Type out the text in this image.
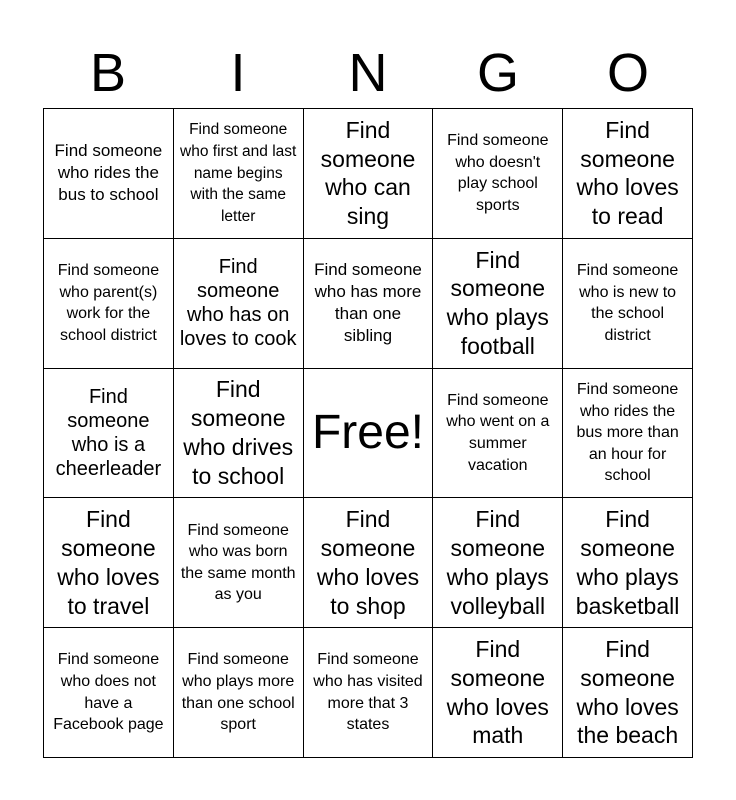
B	I	N	G	O
Find someone who rides the bus to school
Find someone who first and last name begins with the same letter
Find someone who can sing
Find someone who doesn't play school sports
Find someone who loves to read
Find someone who parent(s) work for the school district
Find someone who has on loves to cook
Find someone who has more than one sibling
Find someone who plays football
Find someone who is new to the school district
Find someone who is a cheerleader
Find someone who drives to school
Free!
Find someone who went on a summer vacation
Find someone who rides the bus more than an hour for school
Find someone who loves to travel
Find someone who was born the same month as you
Find someone who loves to shop
Find someone who plays volleyball
Find someone who plays basketball
Find someone who does not have a Facebook page
Find someone who plays more than one school sport
Find someone who has visited more that 3 states
Find someone who loves math
Find someone who loves the beach
